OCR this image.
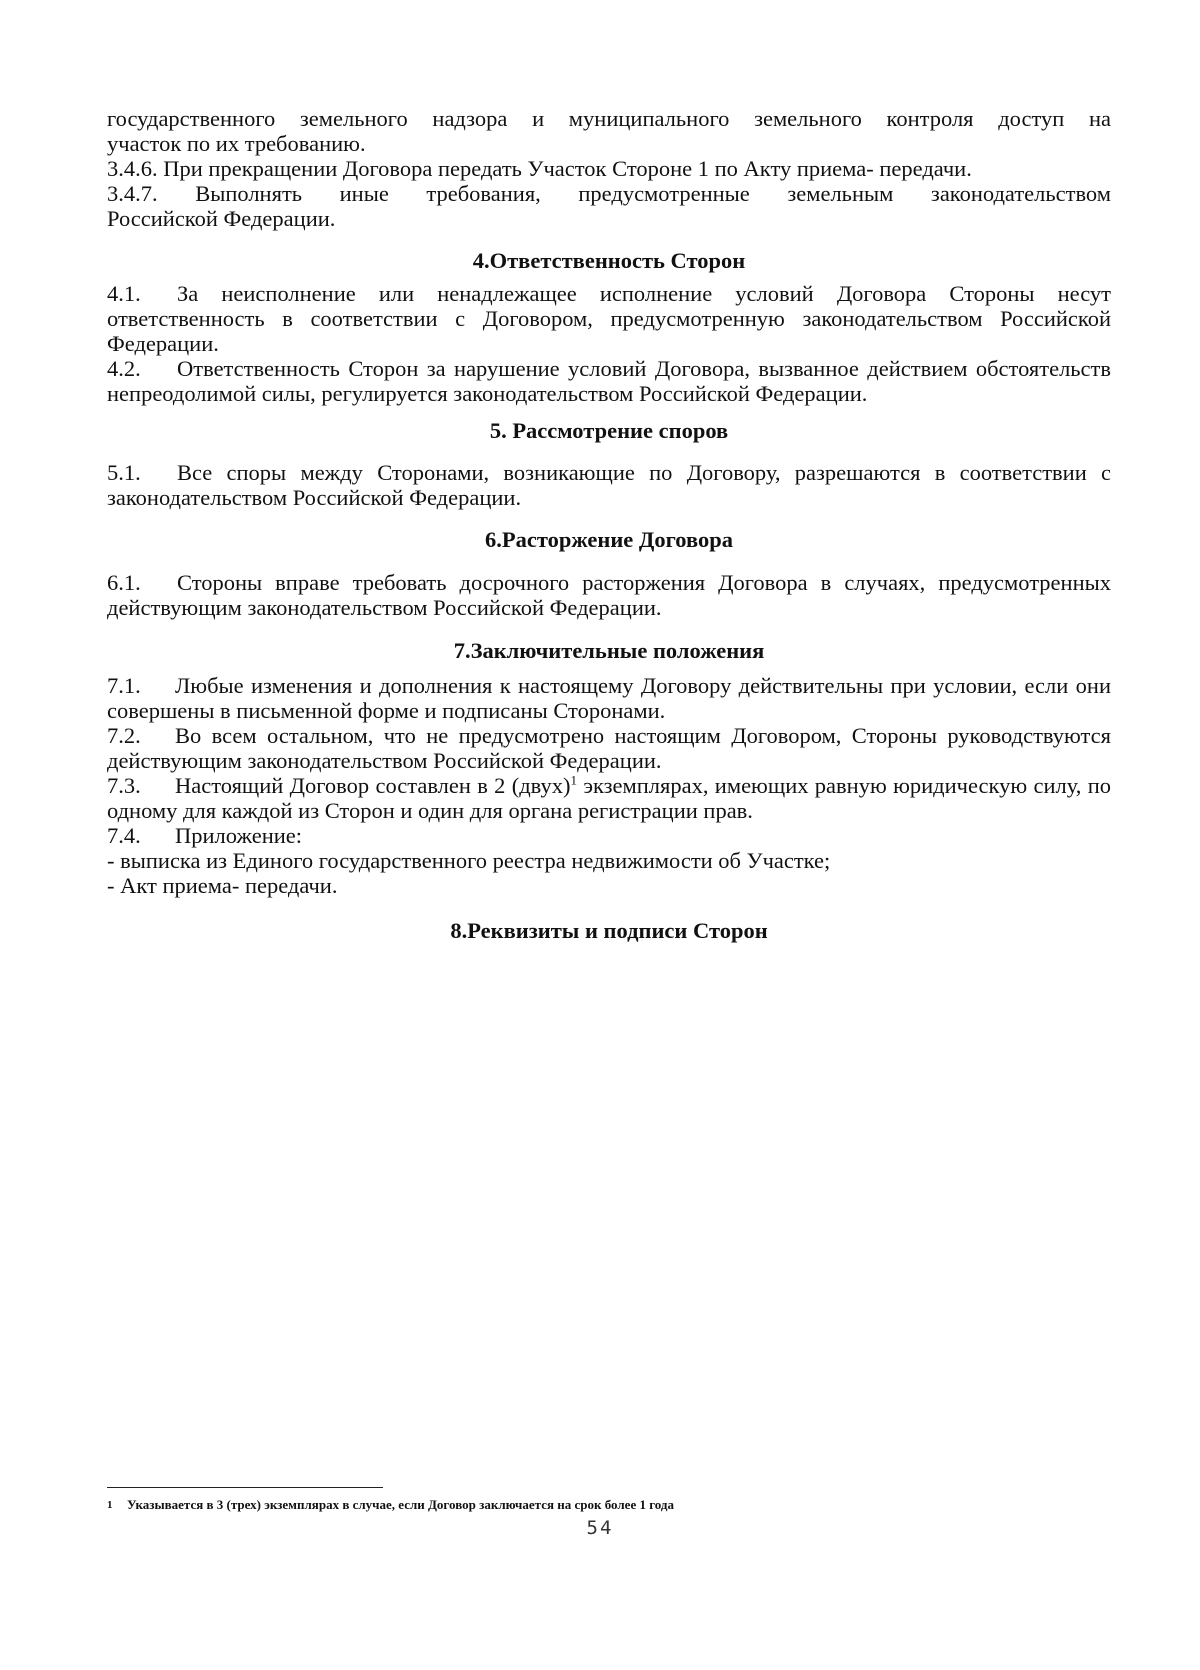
государственного земельного надзора и муниципального земельного контроля доступ на

участок по их требованию.

3.4.6. При прекращении Договора передать Участок Стороне 1 по Акту приема- передачи.

3.4.7. Выполнять иные требования, предусмотренные земельным законодательством

Российской Федерации.

4.Ответственность Сторон

4.1. За неисполнение или ненадлежащее исполнение условий Договора Стороны несут ответственность в соответствии с Договором, предусмотренную законодательством Российской Федерации.

4.2. Ответственность Сторон за нарушение условий Договора, вызванное действием обстоятельств непреодолимой силы, регулируется законодательством Российской Федерации.

5. Рассмотрение споров

5.1. Все споры между Сторонами, возникающие по Договору, разрешаются в соответствии с законодательством Российской Федерации.

6.Расторжение Договора

6.1. Стороны вправе требовать досрочного расторжения Договора в случаях, предусмотренных действующим законодательством Российской Федерации.

7.Заключительные положения

7.1. Любые изменения и дополнения к настоящему Договору действительны при условии, если они совершены в письменной форме и подписаны Сторонами.

7.2. Во всем остальном, что не предусмотрено настоящим Договором, Стороны руководствуются действующим законодательством Российской Федерации.

7.3. Настоящий Договор составлен в 2 (двух)$^1$ экземплярах, имеющих равную юридическую силу, по одному для каждой из Сторон и один для органа регистрации прав.

7.4. Приложение:

- выписка из Единого государственного реестра недвижимости об Участке;

- Акт приема- передачи.

8.Реквизиты и подписи Сторон

1 Указывается в 3 (трех) экземплярах в случае, если Договор заключается на срок более 1 года
54
